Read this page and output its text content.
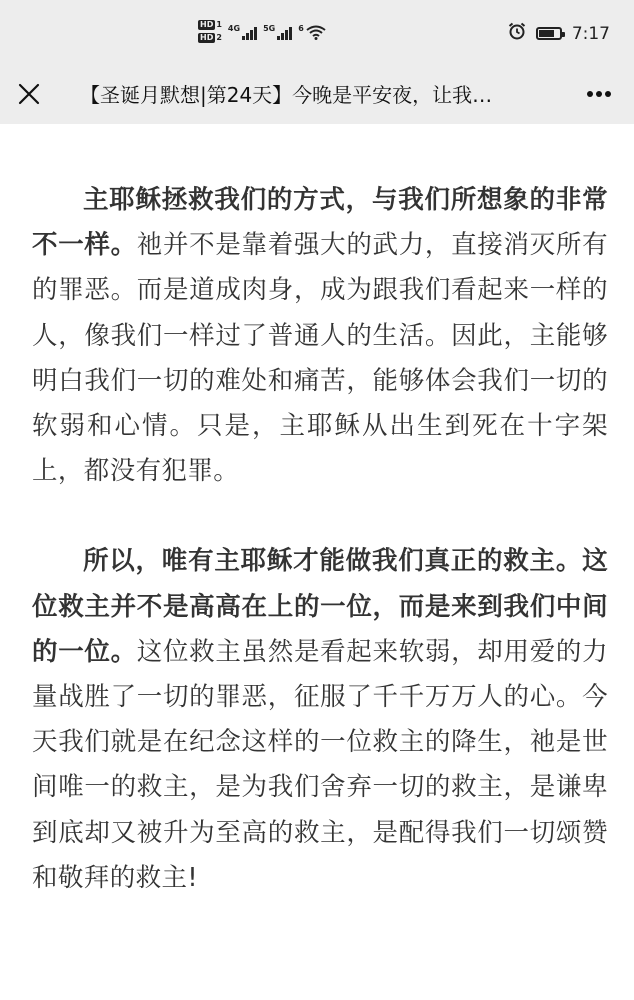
HD 1
HD 2
4G	5G	6	7:17
【圣诞月默想|第24天】今晚是平安夜，让我…

主耶稣拯救我们的方式，与我们所想象的非常不一样。祂并不是靠着强大的武力，直接消灭所有的罪恶。而是道成肉身，成为跟我们看起来一样的人，像我们一样过了普通人的生活。因此，主能够明白我们一切的难处和痛苦，能够体会我们一切的软弱和心情。只是，主耶稣从出生到死在十字架上，都没有犯罪。

所以，唯有主耶稣才能做我们真正的救主。这位救主并不是高高在上的一位，而是来到我们中间的一位。这位救主虽然是看起来软弱，却用爱的力量战胜了一切的罪恶，征服了千千万万人的心。今天我们就是在纪念这样的一位救主的降生，祂是世间唯一的救主，是为我们舍弃一切的救主，是谦卑到底却又被升为至高的救主，是配得我们一切颂赞和敬拜的救主!
